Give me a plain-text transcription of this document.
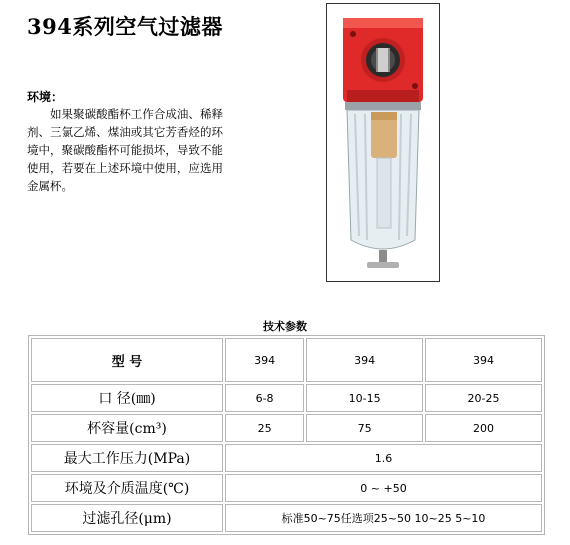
394系列空气过滤器
环境：
如果聚碳酸酯杯工作合成油、稀释剂、三氯乙烯、煤油或其它芳香烃的环境中，聚碳酸酯杯可能损坏，导致不能使用，若要在上述环境中使用，应选用金属杯。
技术参数
型 号	394	394	394
口 径(㎜)	6-8	10-15	20-25
杯容量(cm³)	25	75	200
最大工作压力(MPa)	1.6		
环境及介质温度(℃)	0 ~ +50		
过滤孔径(μm)	标准50~75任选项25~50 10~25 5~10		
